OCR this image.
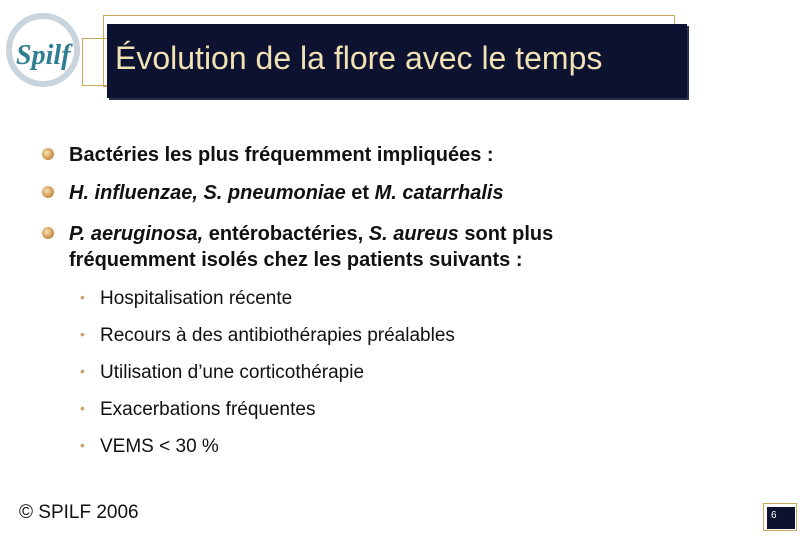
Spilf Évolution de la flore avec le temps
Bactéries les plus fréquemment impliquées :
H. influenzae, S. pneumoniae et M. catarrhalis
P. aeruginosa, entérobactéries, S. aureus sont plus fréquemment isolés chez les patients suivants :
• Hospitalisation récente
• Recours à des antibiothérapies préalables
• Utilisation d’une corticothérapie
• Exacerbations fréquentes
• VEMS < 30 %
© SPILF 2006	6
